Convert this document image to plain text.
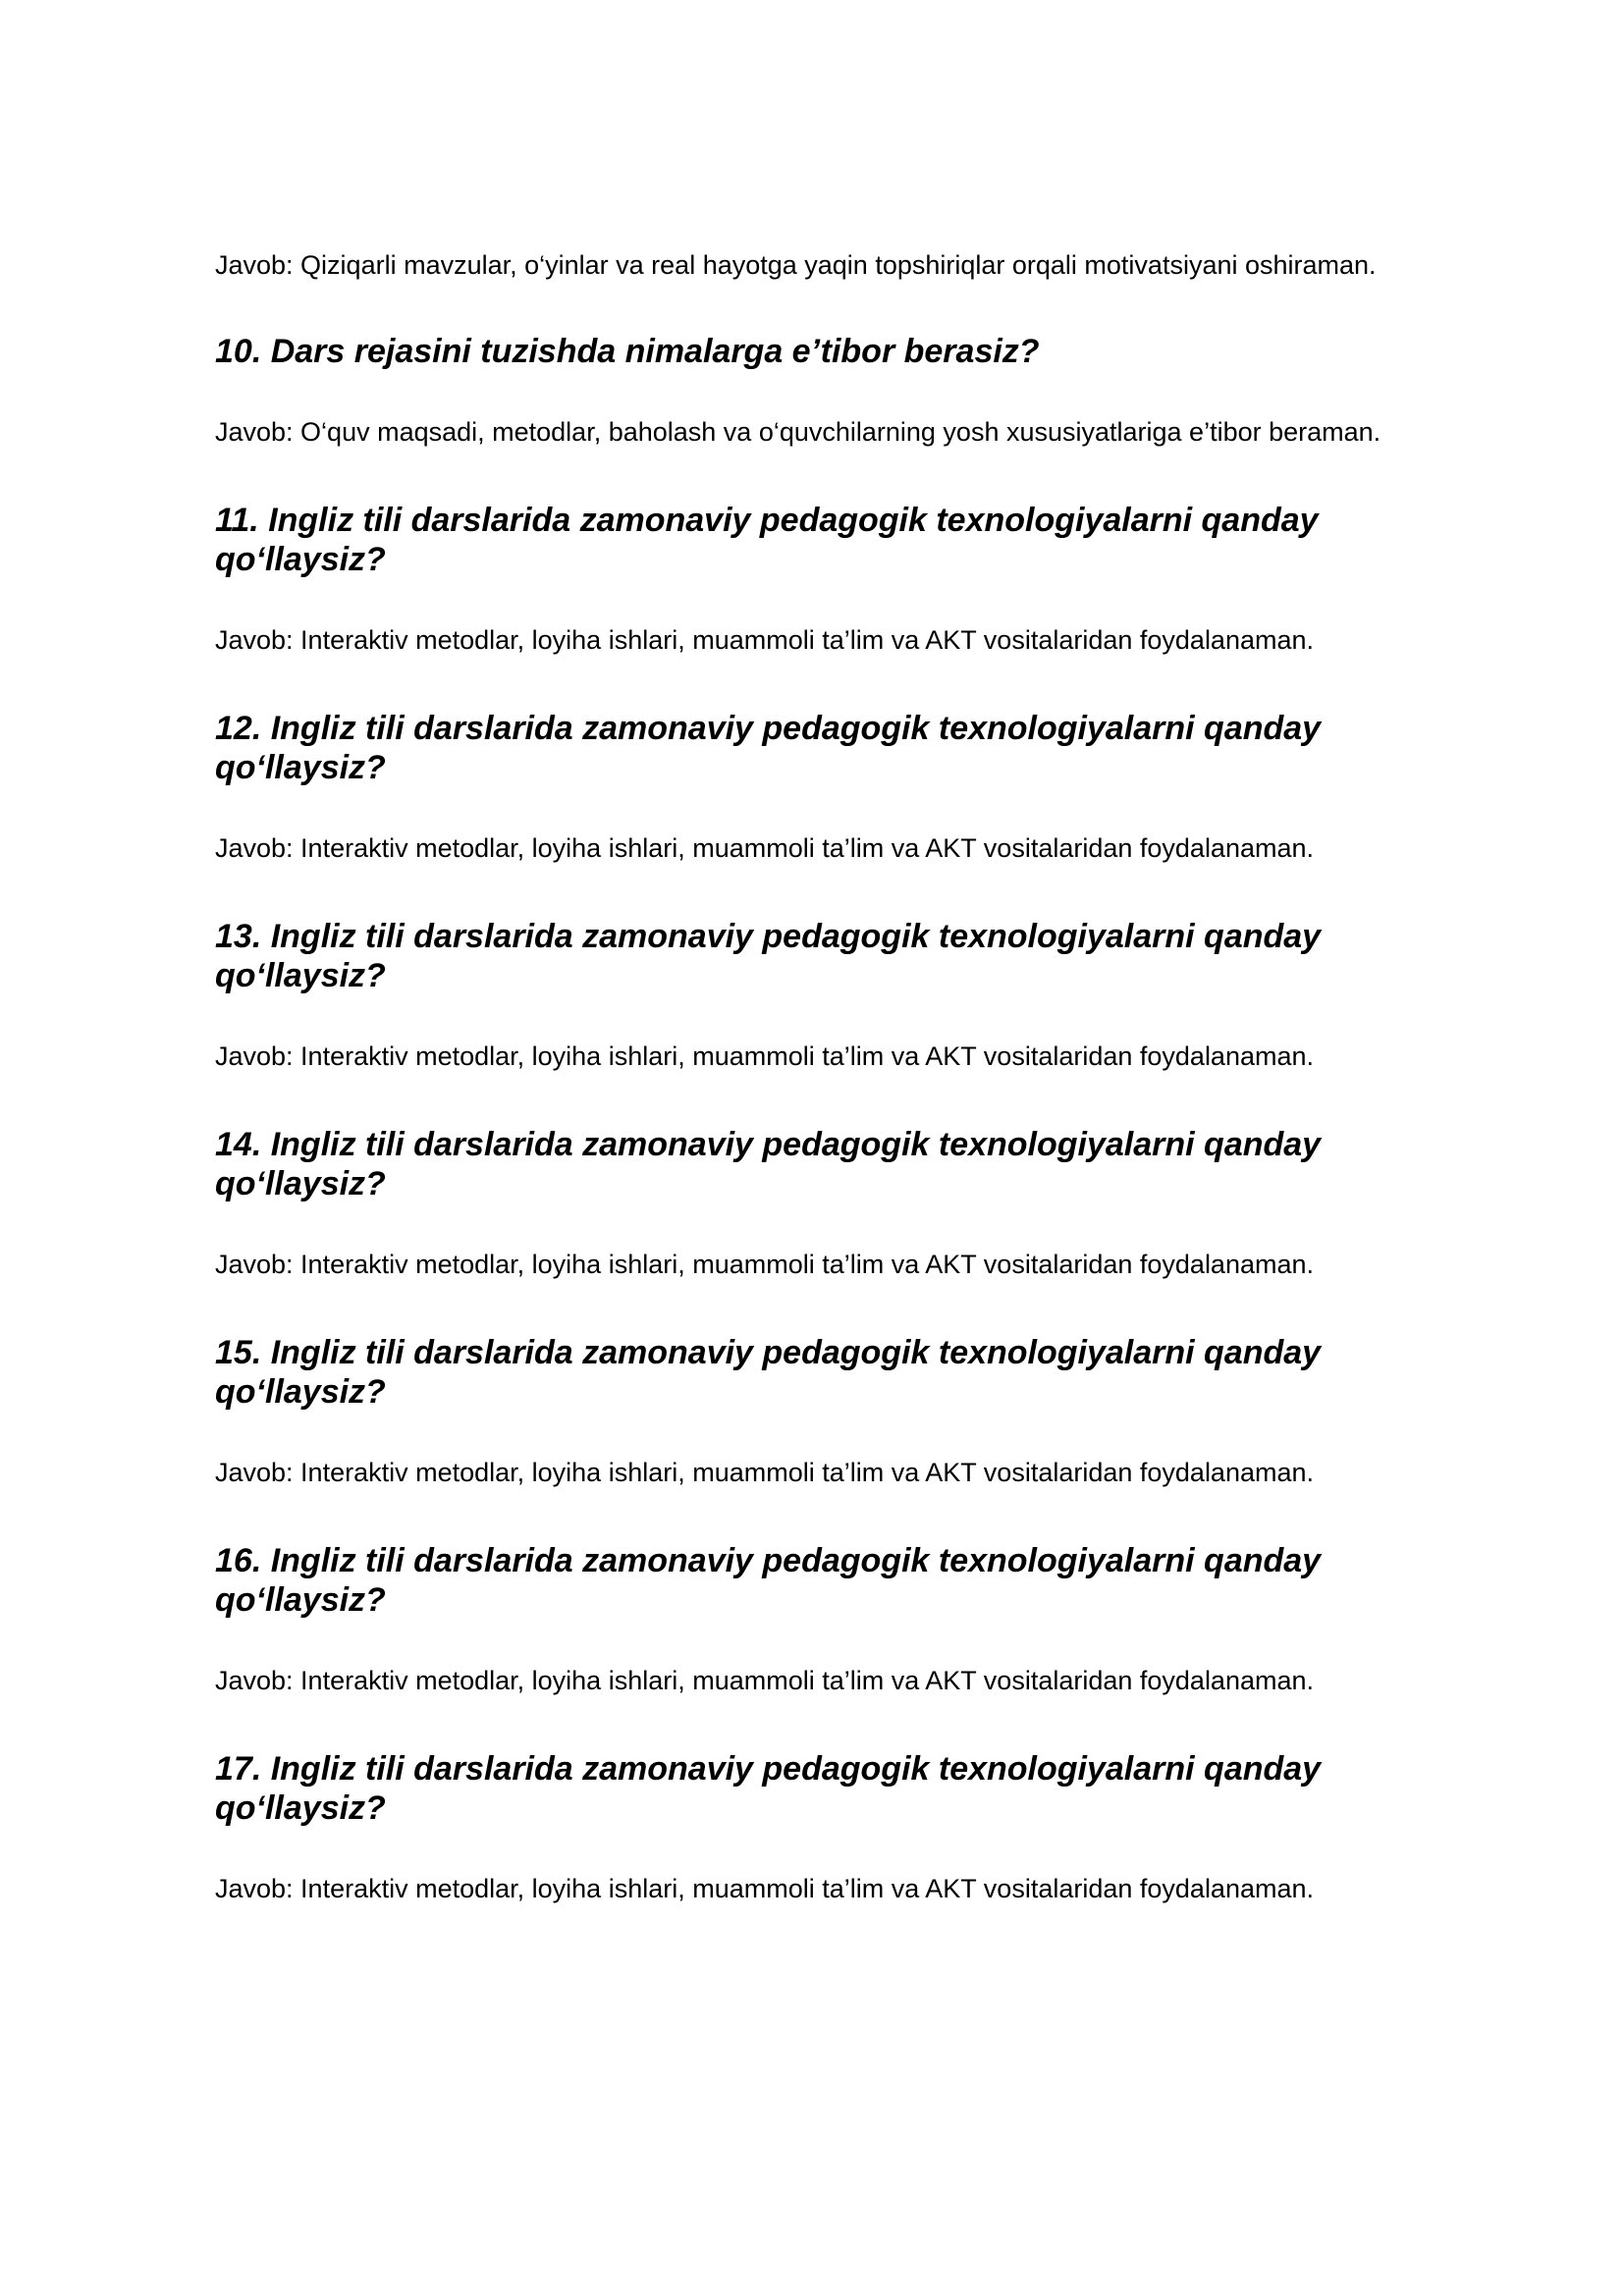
Javob: Qiziqarli mavzular, o‘yinlar va real hayotga yaqin topshiriqlar orqali motivatsiyani oshiraman.

10. Dars rejasini tuzishda nimalarga e’tibor berasiz?

Javob: O‘quv maqsadi, metodlar, baholash va o‘quvchilarning yosh xususiyatlariga e’tibor beraman.

11. Ingliz tili darslarida zamonaviy pedagogik texnologiyalarni qanday qo‘llaysiz?

Javob: Interaktiv metodlar, loyiha ishlari, muammoli ta’lim va AKT vositalaridan foydalanaman.

12. Ingliz tili darslarida zamonaviy pedagogik texnologiyalarni qanday qo‘llaysiz?

Javob: Interaktiv metodlar, loyiha ishlari, muammoli ta’lim va AKT vositalaridan foydalanaman.

13. Ingliz tili darslarida zamonaviy pedagogik texnologiyalarni qanday qo‘llaysiz?

Javob: Interaktiv metodlar, loyiha ishlari, muammoli ta’lim va AKT vositalaridan foydalanaman.

14. Ingliz tili darslarida zamonaviy pedagogik texnologiyalarni qanday qo‘llaysiz?

Javob: Interaktiv metodlar, loyiha ishlari, muammoli ta’lim va AKT vositalaridan foydalanaman.

15. Ingliz tili darslarida zamonaviy pedagogik texnologiyalarni qanday qo‘llaysiz?

Javob: Interaktiv metodlar, loyiha ishlari, muammoli ta’lim va AKT vositalaridan foydalanaman.

16. Ingliz tili darslarida zamonaviy pedagogik texnologiyalarni qanday qo‘llaysiz?

Javob: Interaktiv metodlar, loyiha ishlari, muammoli ta’lim va AKT vositalaridan foydalanaman.

17. Ingliz tili darslarida zamonaviy pedagogik texnologiyalarni qanday qo‘llaysiz?

Javob: Interaktiv metodlar, loyiha ishlari, muammoli ta’lim va AKT vositalaridan foydalanaman.
